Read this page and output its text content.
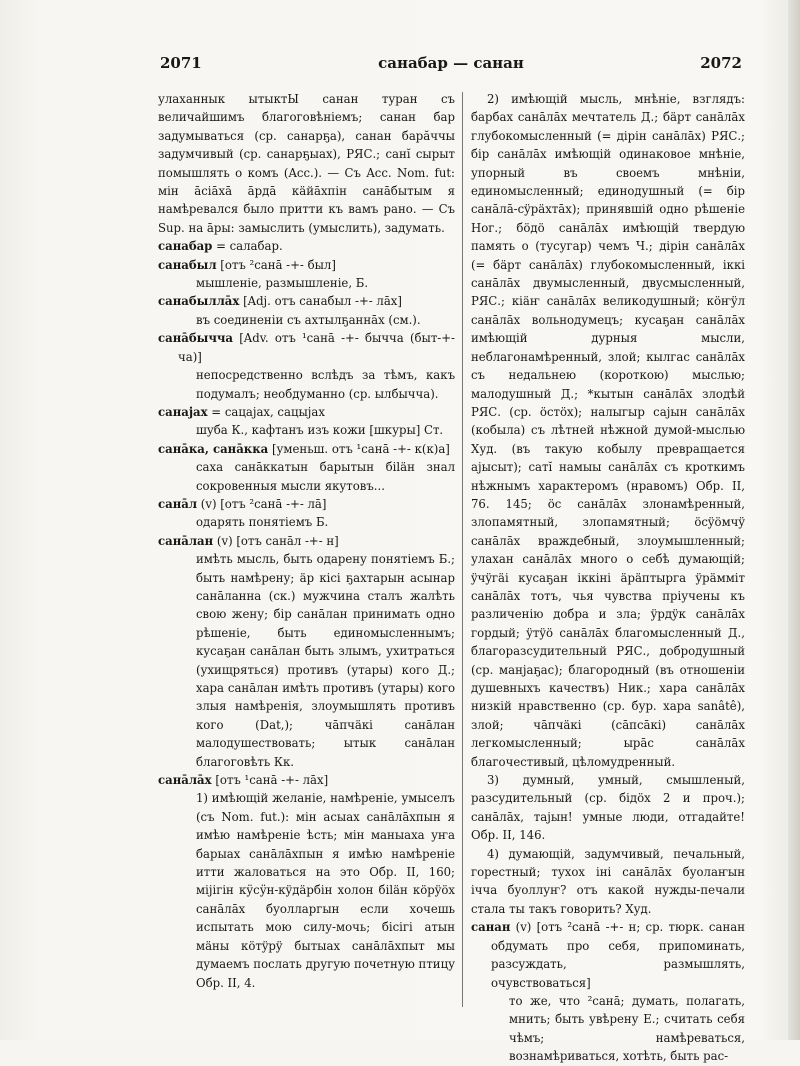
2071	санабар — санан	2072

улаханнык ытыктЫ санан туран съ величайшимъ благоговѣніемъ; санан бар задумываться (ср. санарҕа), санан барӑччы задумчивый (ср. санарҕыаx), РЯС.; санĭ сырыт помышлять о комъ (Acc.). — Съ Acc. Nom. fut: мін āсіāxā āрдā кäйāxпін санāбытым я намѣревался было притти къ вамъ рано. — Съ Sup. на āры: замыслить (умыслить), задумать.

санабар = салабар.

санабыл [отъ ²санā -+- был]
мышленіе, размышленіе, Б.

санабыллāx [Adj. отъ санабыл -+- лāx]
въ соединеніи съ ахтылҕаннāx (см.).

санāбычча [Adv. отъ ¹санā -+- бычча (быт-+-ча)]
непосредственно вслѣдъ за тѣмъ, какъ подумалъ; необдуманно (ср. ылбычча).

санаjаx = сацаjаx, сацыjаx
шуба К., кафтанъ изъ кожи [шкуры] Ст.

санāка, санāкка [уменьш. отъ ¹санā -+- к(к)а]
саха санāккатын барытын біläн знал сокровенныя мысли якутовъ...

санāл (v) [отъ ²санā -+- лā]
одарять понятіемъ Б.

санāлан (v) [отъ санāл -+- н]
имѣть мысль, быть одарену понятіемъ Б.; быть намѣрену; äр кісі ҕахтарын асынар санāланна (ск.) мужчина сталъ жалѣть свою жену; бір санāлан принимать одно рѣшеніе, быть единомысленнымъ; кусаҕан санāлан быть злымъ, ухитраться (ухищряться) противъ (утары) кого Д.; хара санāлан имѣть противъ (утары) кого злыя намѣренія, злоумышлять противъ кого (Dat,); чāпчäкі санāлан малодушествовать; ытык санāлан благоговѣть Кк.

санāлāx [отъ ¹санā -+- лāx]
1) имѣющій желаніе, намѣреніе, умыселъ (съ Nom. fut.): мін асыах санāлāxпын я имѣю намѣреніе ѣсть; мін маныаха уҥа барыах санāлāxпын я имѣю намѣреніе итти жаловаться на это Обр. II, 160; міjігін кӱсӱн-кÿдäрбін холон біläн кöрÿöx санāлāx буолларгын если хочешь испытать мою силу-мочь; бісігі атын мäны кöтÿрÿ бытыах санāлāxпыт мы думаемъ послать другую почетную птицу Обр. II, 4.

2) имѣющій мысль, мнѣніе, взглядъ: барбах санāлāx мечтатель Д.; бäрт санāлāx глубокомысленный (= дірін санāлāx) РЯС.; бір санāлāx имѣющій одинаковое мнѣніе, упорный въ своемъ мнѣніи, единомысленный; единодушный (= бір санāлā-сÿрäхтāx); принявшій одно рѣшеніе Ног.; бöдö санāлāx имѣющій твердую память о (тусугар) чемъ Ч.; дірін санāлāx (= бäрт санāлāx) глубокомысленный, іккі санāлāx двумысленный, двусмысленный, РЯС.; кіäҥ санāлāx великодушный; кöҥÿл санāлāx вольнодумецъ; кусаҕан санāлāx имѣющій дурныя мысли, неблагонамѣренный, злой; кылгас санāлāx съ недальнею (короткою) мыслью; малодушный Д.; *кытын санāлāx злодѣй РЯС. (ср. öстöx); налыгыр саjын санāлāx (кобыла) съ лѣтней нѣжной думой-мыслью Худ. (въ такую кобылу превращается аjысыт); сатĭ намыы санāлāx съ кроткимъ нѣжнымъ характеромъ (нравомъ) Обр. II, 76. 145; öс санāлāx злонамѣренный, злопамятный, злопамятный; öсÿöмчÿ санāлāx враждебный, злоумышленный; улахан санāлāx много о себѣ думающій; ÿчÿгäі кусаҕан іккіні äрäптырга ÿрäммiт санāлāx тотъ, чья чувства пріучены къ различенію добра и зла; ÿрдÿк санāлāx гордый; ÿтÿö санāлāx благомысленный Д., благоразсудительный РЯС., добродушный (ср. манjаҕас); благородный (въ отношеніи душевныхъ качествъ) Ник.; хара санāлāx низкій нравственно (ср. бур. хара sanâtê), злой; чāпчäкі (сāпсāкі) санāлāx легкомысленный; ырāс санāлāx благочестивый, цѣломудренный.

3) думный, умный, смышленый, разсудительный (ср. бідöх 2 и проч.); санāлāх, таjын! умные люди, отгадайте! Обр. II, 146.

4) думающій, задумчивый, печальный, горестный; тухох іні санāлāх буолаҥын ічча буоллуҥ? отъ какой нужды-печали стала ты такъ говорить? Худ.

санан (v) [отъ ²санā -+- н; ср. тюрк. санан обдумать про себя, припоминать, разсуждать, размышлять, очувствоваться]
то же, что ²санā; думать, полагать, мнить; быть увѣрену Е.; считать себя чѣмъ; намѣреваться, вознамѣриваться, хотѣть, быть рас-
